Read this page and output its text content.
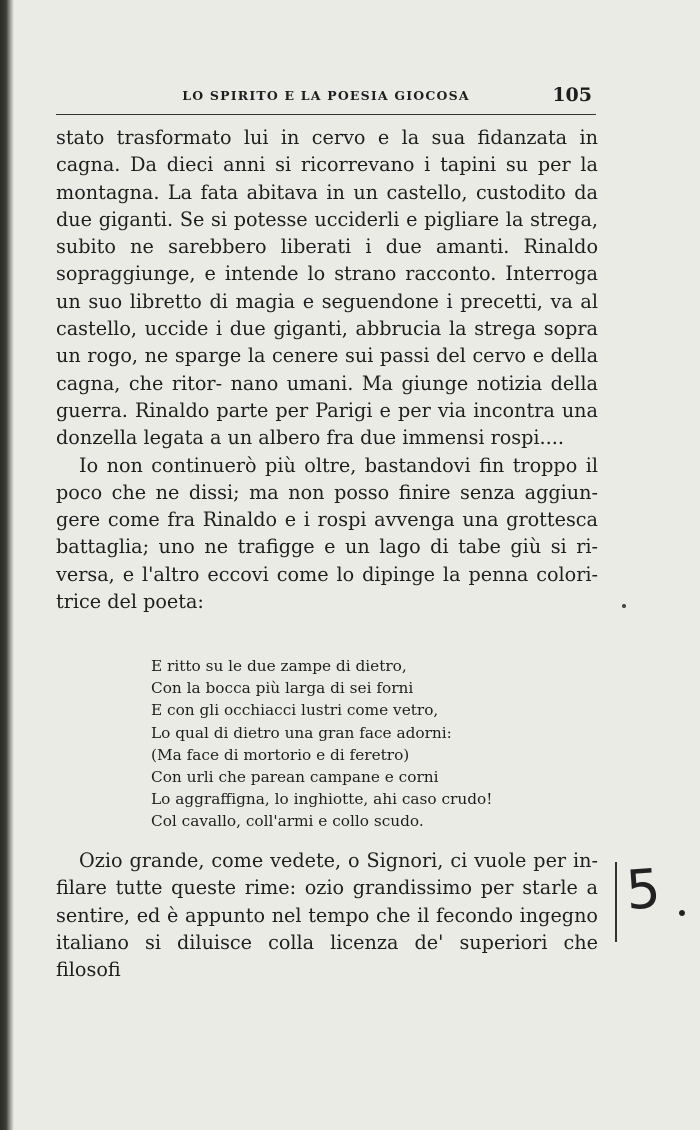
LO SPIRITO E LA POESIA GIOCOSA	105

stato trasformato lui in cervo e la sua fidanzata in cagna. Da dieci anni si ricorrevano i tapini su per la montagna. La fata abitava in un castello, custodito da due giganti. Se si potesse ucciderli e pigliare la strega, subito ne sarebbero liberati i due amanti. Rinaldo sopraggiunge, e intende lo strano racconto. Interroga un suo libretto di magia e seguendone i precetti, va al castello, uccide i due giganti, abbrucia la strega sopra un rogo, ne sparge la cenere sui passi del cervo e della cagna, che ritor- nano umani. Ma giunge notizia della guerra. Rinaldo parte per Parigi e per via incontra una donzella legata a un albero fra due immensi rospi....

Io non continuerò più oltre, bastandovi fin troppo il poco che ne dissi; ma non posso finire senza aggiun- gere come fra Rinaldo e i rospi avvenga una grottesca battaglia; uno ne trafigge e un lago di tabe giù si ri- versa, e l'altro eccovi come lo dipinge la penna colori- trice del poeta:

E ritto su le due zampe di dietro,
Con la bocca più larga di sei forni
E con gli occhiacci lustri come vetro,
Lo qual di dietro una gran face adorni:
(Ma face di mortorio e di feretro)
Con urli che parean campane e corni
Lo aggraffigna, lo inghiotte, ahi caso crudo!
Col cavallo, coll'armi e collo scudo.

Ozio grande, come vedete, o Signori, ci vuole per in- filare tutte queste rime: ozio grandissimo per starle a sentire, ed è appunto nel tempo che il fecondo ingegno italiano si diluisce colla licenza de' superiori che filosofi

5
